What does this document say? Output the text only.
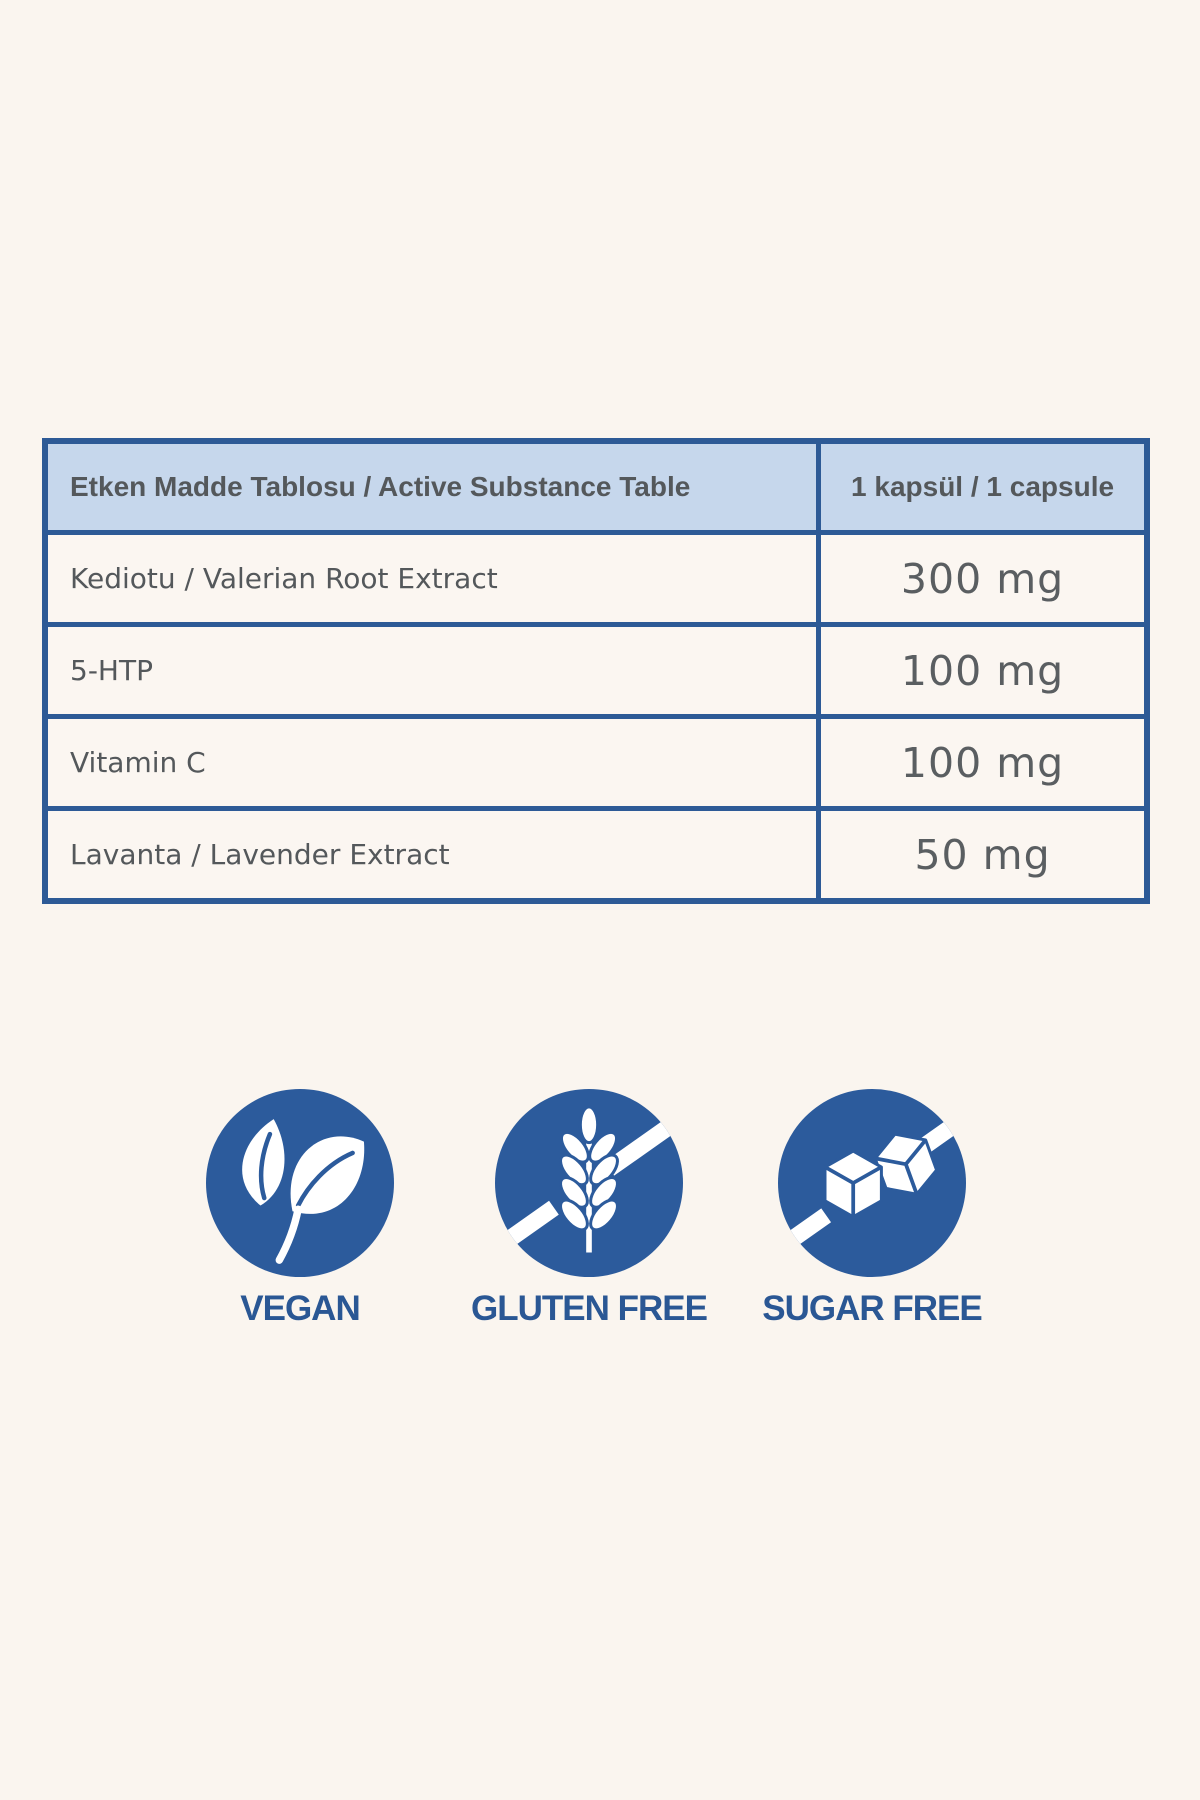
Etken Madde Tablosu / Active Substance Table	1 kapsül / 1 capsule
Kediotu / Valerian Root Extract	300 mg
5-HTP	100 mg
Vitamin C	100 mg
Lavanta / Lavender Extract	50 mg
VEGAN	GLUTEN FREE SUGAR FREE
